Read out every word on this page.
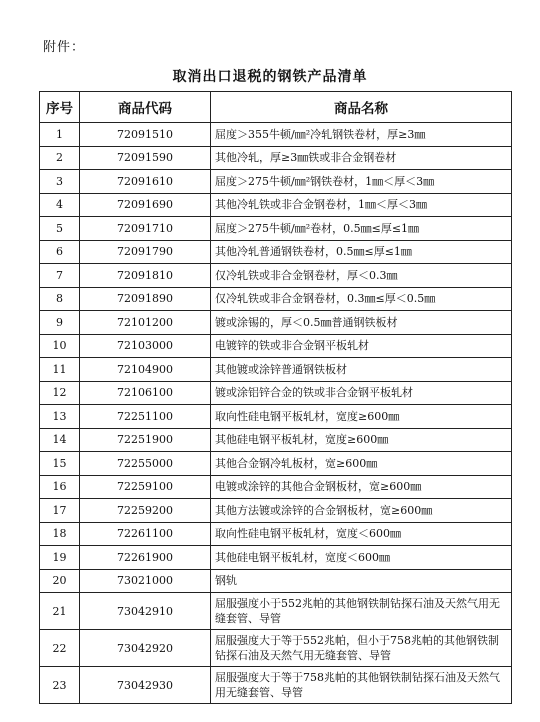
附件：
取消出口退税的钢铁产品清单
序号	商品代码	商品名称
1	72091510	屈度＞355牛顿/㎜²冷轧钢铁卷材，厚≥3㎜
2	72091590	其他冷轧，厚≥3㎜铁或非合金钢卷材
3	72091610	屈度＞275牛顿/㎜²钢铁卷材，1㎜＜厚＜3㎜
4	72091690	其他冷轧铁或非合金钢卷材，1㎜＜厚＜3㎜
5	72091710	屈度＞275牛顿/㎜²卷材，0.5㎜≤厚≤1㎜
6	72091790	其他冷轧普通钢铁卷材，0.5㎜≤厚≤1㎜
7	72091810	仅冷轧铁或非合金钢卷材，厚＜0.3㎜
8	72091890	仅冷轧铁或非合金钢卷材，0.3㎜≤厚＜0.5㎜
9	72101200	镀或涂锡的，厚＜0.5㎜普通钢铁板材
10	72103000	电镀锌的铁或非合金钢平板轧材
11	72104900	其他镀或涂锌普通钢铁板材
12	72106100	镀或涂铝锌合金的铁或非合金钢平板轧材
13	72251100	取向性硅电钢平板轧材，宽度≥600㎜
14	72251900	其他硅电钢平板轧材，宽度≥600㎜
15	72255000	其他合金钢冷轧板材，宽≥600㎜
16	72259100	电镀或涂锌的其他合金钢板材，宽≥600㎜
17	72259200	其他方法镀或涂锌的合金钢板材，宽≥600㎜
18	72261100	取向性硅电钢平板轧材，宽度＜600㎜
19	72261900	其他硅电钢平板轧材，宽度＜600㎜
20	73021000	钢轨
21	73042910	屈服强度小于552兆帕的其他钢铁制钻探石油及天然气用无缝套管、导管
22	73042920	屈服强度大于等于552兆帕，但小于758兆帕的其他钢铁制钻探石油及天然气用无缝套管、导管
23	73042930	屈服强度大于等于758兆帕的其他钢铁制钻探石油及天然气用无缝套管、导管
